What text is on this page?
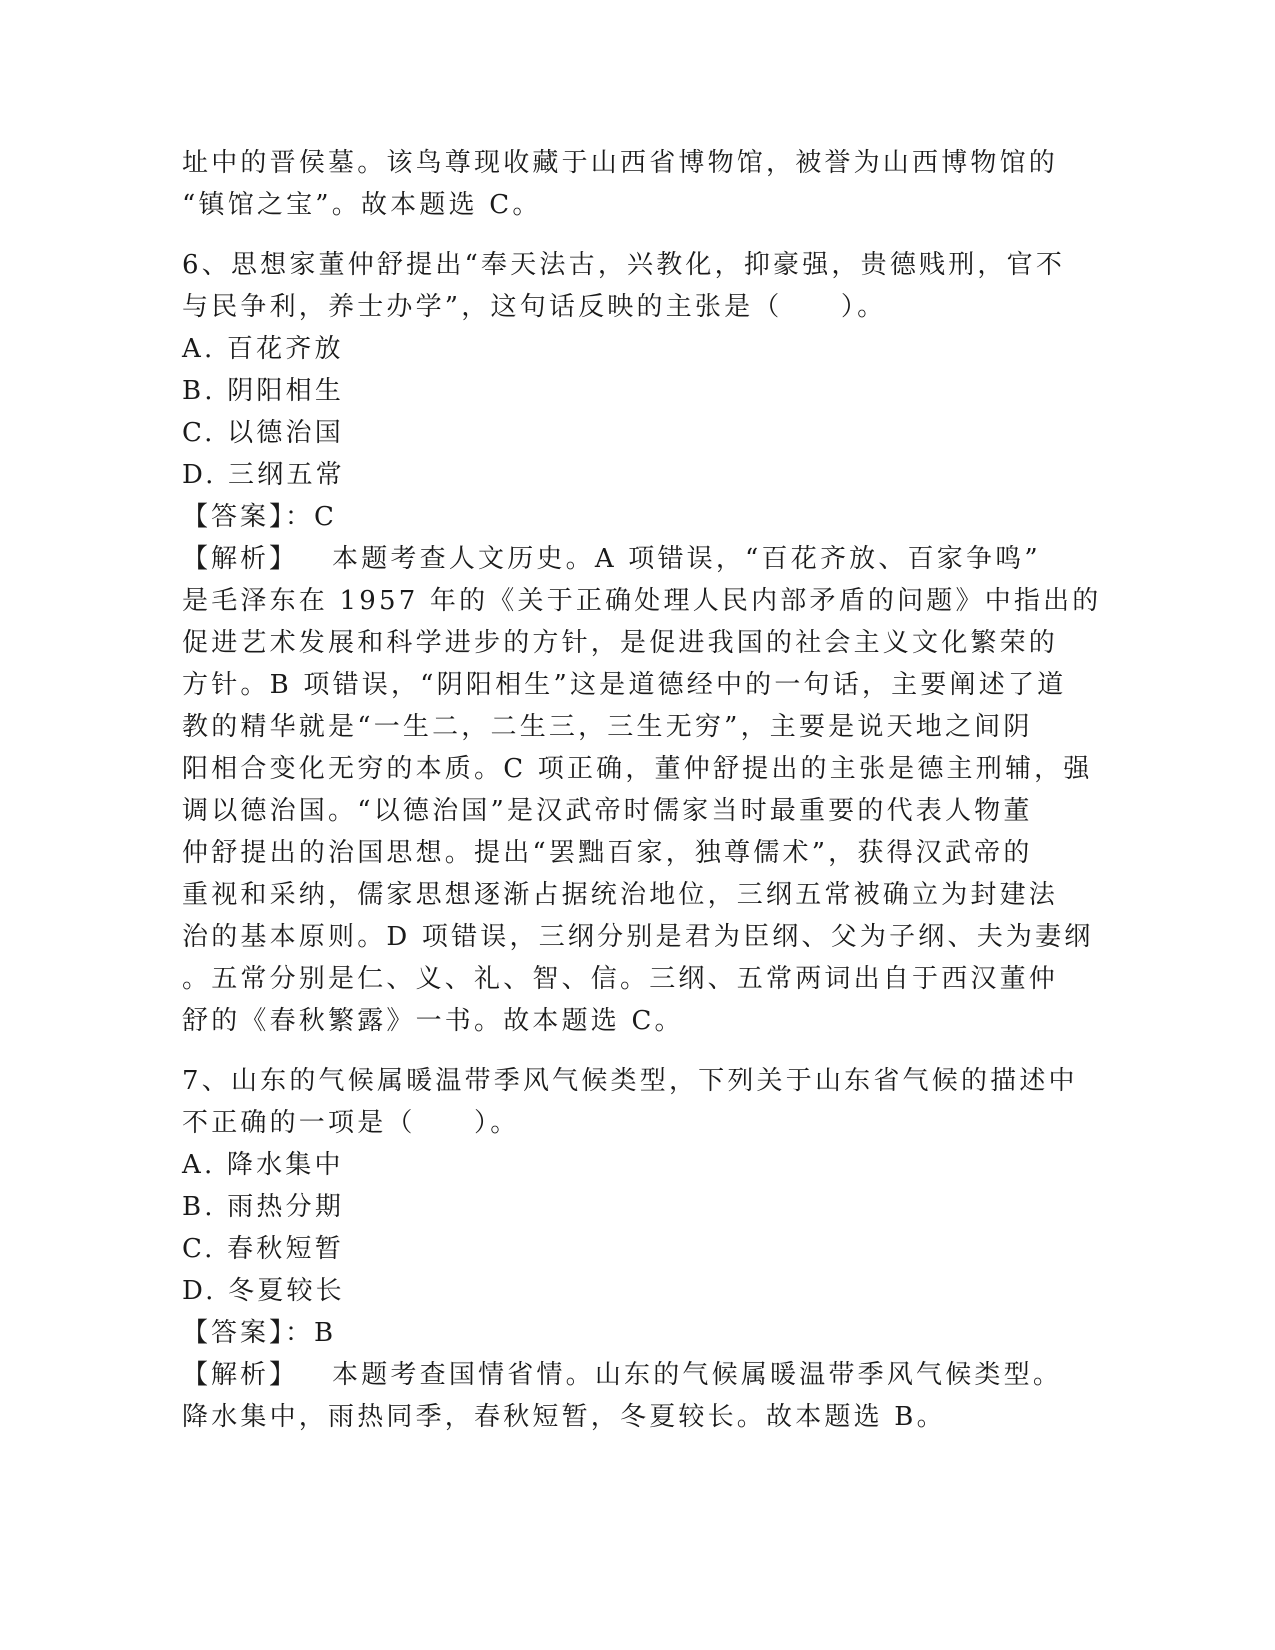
址中的晋侯墓。该鸟尊现收藏于山西省博物馆，被誉为山西博物馆的
“镇馆之宝”。故本题选 C。
6、思想家董仲舒提出“奉天法古，兴教化，抑豪强，贵德贱刑，官不
与民争利，养士办学”，这句话反映的主张是（　　）。
A. 百花齐放
B. 阴阳相生
C. 以德治国
D. 三纲五常
【答案】：C
【解析】 本题考查人文历史。A 项错误，“百花齐放、百家争鸣”
是毛泽东在 1957 年的《关于正确处理人民内部矛盾的问题》中指出的
促进艺术发展和科学进步的方针，是促进我国的社会主义文化繁荣的
方针。B 项错误，“阴阳相生”这是道德经中的一句话，主要阐述了道
教的精华就是“一生二，二生三，三生无穷”，主要是说天地之间阴
阳相合变化无穷的本质。C 项正确，董仲舒提出的主张是德主刑辅，强
调以德治国。“以德治国”是汉武帝时儒家当时最重要的代表人物董
仲舒提出的治国思想。提出“罢黜百家，独尊儒术”，获得汉武帝的
重视和采纳，儒家思想逐渐占据统治地位，三纲五常被确立为封建法
治的基本原则。D 项错误，三纲分别是君为臣纲、父为子纲、夫为妻纲
。五常分别是仁、义、礼、智、信。三纲、五常两词出自于西汉董仲
舒的《春秋繁露》一书。故本题选 C。
7、山东的气候属暖温带季风气候类型，下列关于山东省气候的描述中
不正确的一项是（　　）。
A. 降水集中
B. 雨热分期
C. 春秋短暂
D. 冬夏较长
【答案】：B
【解析】 本题考查国情省情。山东的气候属暖温带季风气候类型。
降水集中，雨热同季，春秋短暂，冬夏较长。故本题选 B。
